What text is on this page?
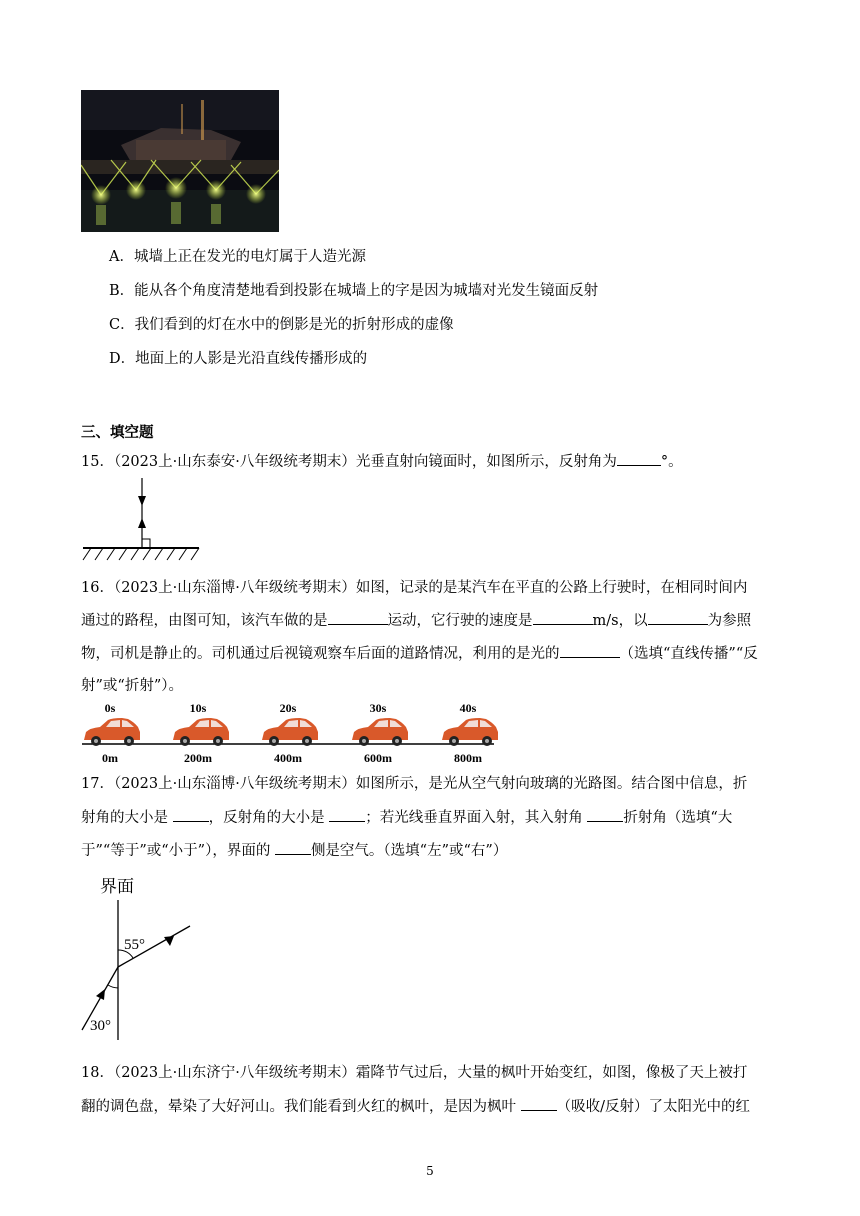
A．城墙上正在发光的电灯属于人造光源
B．能从各个角度清楚地看到投影在城墙上的字是因为城墙对光发生镜面反射
C．我们看到的灯在水中的倒影是光的折射形成的虚像
D．地面上的人影是光沿直线传播形成的
三、填空题
15．（2023上·山东泰安·八年级统考期末）光垂直射向镜面时，如图所示，反射角为	°。
16．（2023上·山东淄博·八年级统考期末）如图，记录的是某汽车在平直的公路上行驶时，在相同时间内
通过的路程，由图可知，该汽车做的是	运动，它行驶的速度是	m/s，以	为参照
物，司机是静止的。司机通过后视镜观察车后面的道路情况，利用的是光的	（选填“直线传播”“反
射”或“折射”）。
0s	10s	20s	30s	40s
0m	200m	400m	600m	800m
17．（2023上·山东淄博·八年级统考期末）如图所示，是光从空气射向玻璃的光路图。结合图中信息，折
射角的大小是	，反射角的大小是	；若光线垂直界面入射，其入射角	折射角（选填“大
于”“等于”或“小于”），界面的	侧是空气。（选填“左”或“右”）
界面
55°
30°
18．（2023上·山东济宁·八年级统考期末）霜降节气过后，大量的枫叶开始变红，如图，像极了天上被打
翻的调色盘，晕染了大好河山。我们能看到火红的枫叶，是因为枫叶	（吸收/反射）了太阳光中的红
5
